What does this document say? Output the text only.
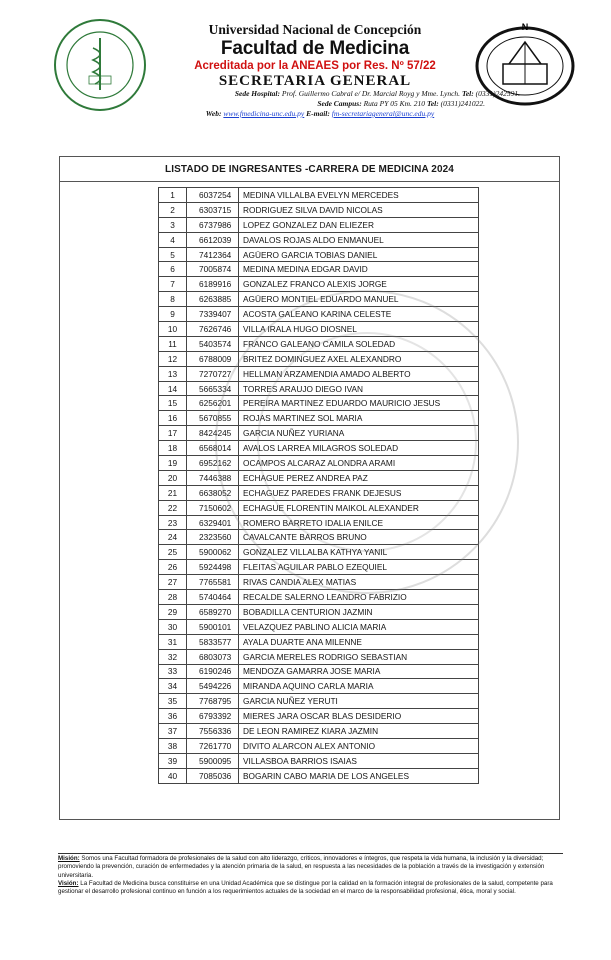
Universidad Nacional de Concepción
Facultad de Medicina
Acreditada por la ANEAES por Res. Nº 57/22
SECRETARIA GENERAL
Sede Hospital: Prof. Guillermo Cabral e/ Dr. Marcial Royg y Mme. Lynch. Tel: (0331)242591.
Sede Campus: Ruta PY 05 Km. 210 Tel: (0331)241022.
Web: www.fmedicina-unc.edu.py E-mail: fm-secretariageneral@unc.edu.py
N
LISTADO DE INGRESANTES -CARRERA DE MEDICINA 2024
1	6037254	MEDINA VILLALBA EVELYN MERCEDES
2	6303715	RODRIGUEZ SILVA DAVID NICOLAS
3	6737986	LOPEZ GONZALEZ DAN ELIEZER
4	6612039	DAVALOS ROJAS ALDO ENMANUEL
5	7412364	AGÜERO GARCIA TOBIAS DANIEL
6	7005874	MEDINA MEDINA EDGAR DAVID
7	6189916	GONZALEZ FRANCO ALEXIS JORGE
8	6263885	AGÜERO MONTIEL EDUARDO MANUEL
9	7339407	ACOSTA GALEANO KARINA CELESTE
10	7626746	VILLA IRALA HUGO DIOSNEL
11	5403574	FRANCO GALEANO CAMILA SOLEDAD
12	6788009	BRITEZ DOMINGUEZ AXEL ALEXANDRO
13	7270727	HELLMAN ARZAMENDIA AMADO ALBERTO
14	5665334	TORRES ARAUJO DIEGO IVAN
15	6256201	PEREIRA MARTINEZ EDUARDO MAURICIO JESUS
16	5670855	ROJAS MARTINEZ SOL MARIA
17	8424245	GARCIA NUÑEZ YURIANA
18	6568014	AVALOS LARREA MILAGROS SOLEDAD
19	6952162	OCAMPOS ALCARAZ ALONDRA ARAMI
20	7446388	ECHAGUE PEREZ ANDREA PAZ
21	6638052	ECHAGUEZ PAREDES FRANK DEJESUS
22	7150602	ECHAGUE FLORENTIN MAIKOL ALEXANDER
23	6329401	ROMERO BARRETO IDALIA ENILCE
24	2323560	CAVALCANTE BARROS BRUNO
25	5900062	GONZALEZ VILLALBA KATHYA YANIL
26	5924498	FLEITAS AGUILAR PABLO EZEQUIEL
27	7765581	RIVAS CANDIA ALEX MATIAS
28	5740464	RECALDE SALERNO LEANDRO FABRIZIO
29	6589270	BOBADILLA CENTURION JAZMIN
30	5900101	VELAZQUEZ PABLINO ALICIA MARIA
31	5833577	AYALA DUARTE ANA MILENNE
32	6803073	GARCIA MERELES RODRIGO SEBASTIAN
33	6190246	MENDOZA GAMARRA JOSE MARIA
34	5494226	MIRANDA AQUINO CARLA MARIA
35	7768795	GARCIA NUÑEZ YERUTI
36	6793392	MIERES JARA OSCAR BLAS DESIDERIO
37	7556336	DE LEON RAMIREZ KIARA JAZMIN
38	7261770	DIVITO ALARCON ALEX ANTONIO
39	5900095	VILLASBOA BARRIOS ISAIAS
40	7085036	BOGARIN CABO MARIA DE LOS ANGELES
Misión: Somos una Facultad formadora de profesionales de la salud con alto liderazgo, críticos, innovadores e íntegros, que respeta la vida humana, la inclusión y la diversidad; promoviendo la prevención, curación de enfermedades y la atención primaria de la salud, en respuesta a las necesidades de la población a través de la investigación y extensión universitaria.
Visión: La Facultad de Medicina busca constituirse en una Unidad Académica que se distingue por la calidad en la formación integral de profesionales de la salud, competente para gestionar el desarrollo profesional continuo en función a los requerimientos actuales de la sociedad en el marco de la responsabilidad profesional, ética, moral y social.
